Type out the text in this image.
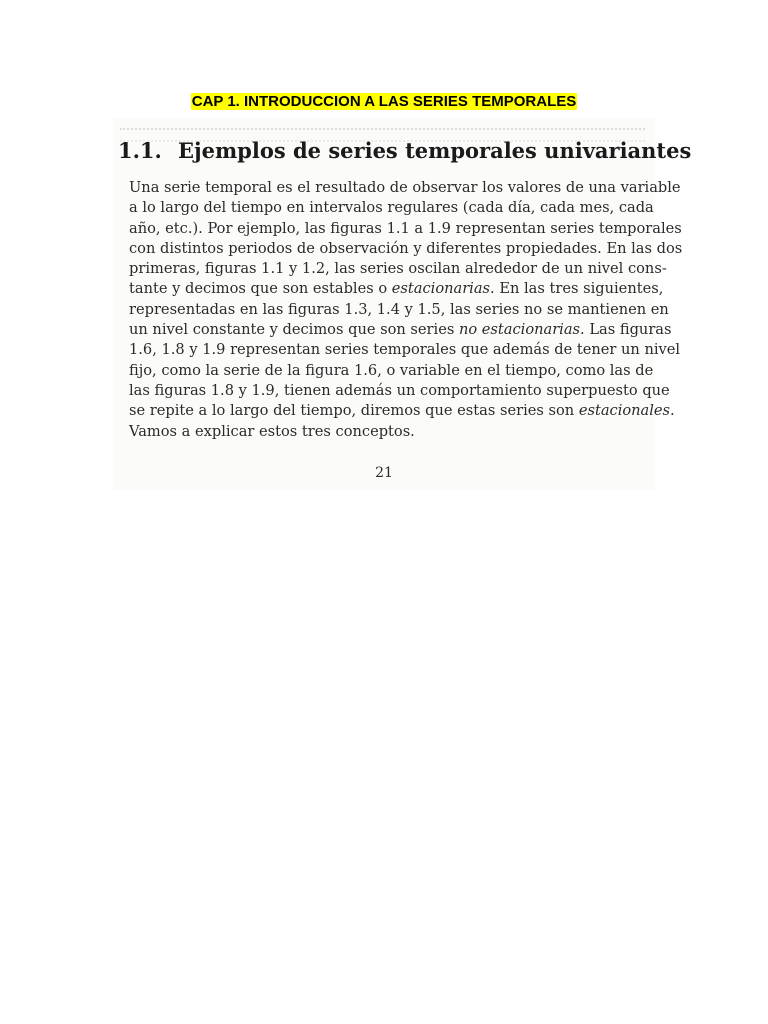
CAP 1. INTRODUCCION A LAS SERIES TEMPORALES
1.1. Ejemplos de series temporales univariantes
Una serie temporal es el resultado de observar los valores de una variable
a lo largo del tiempo en intervalos regulares (cada día, cada mes, cada
año, etc.). Por ejemplo, las figuras 1.1 a 1.9 representan series temporales
con distintos periodos de observación y diferentes propiedades. En las dos
primeras, figuras 1.1 y 1.2, las series oscilan alrededor de un nivel cons-
tante y decimos que son estables o estacionarias. En las tres siguientes,
representadas en las figuras 1.3, 1.4 y 1.5, las series no se mantienen en
un nivel constante y decimos que son series no estacionarias. Las figuras
1.6, 1.8 y 1.9 representan series temporales que además de tener un nivel
fijo, como la serie de la figura 1.6, o variable en el tiempo, como las de
las figuras 1.8 y 1.9, tienen además un comportamiento superpuesto que
se repite a lo largo del tiempo, diremos que estas series son estacionales.
Vamos a explicar estos tres conceptos.
21
